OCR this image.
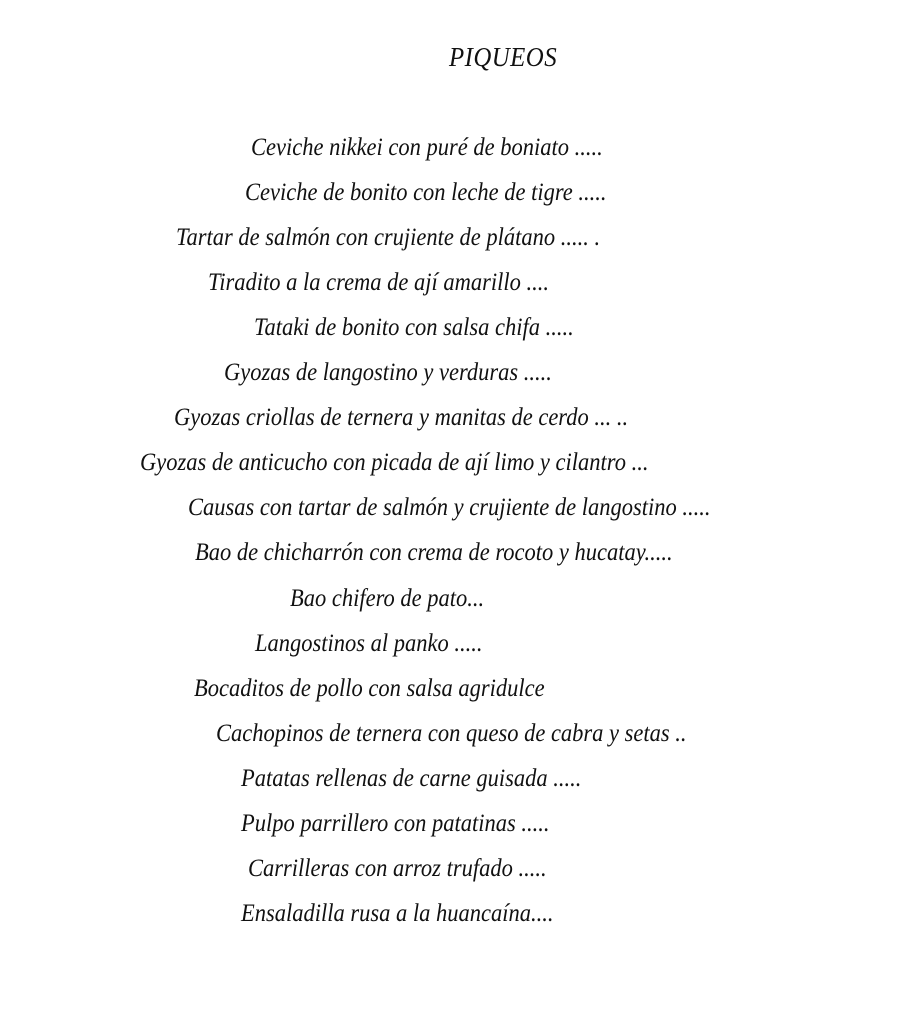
PIQUEOS
Ceviche nikkei con puré de boniato .....
Ceviche de bonito con leche de tigre .....
Tartar de salmón con crujiente de plátano ..... .
Tiradito a la crema de ají amarillo ....
Tataki de bonito con salsa chifa .....
Gyozas de langostino y verduras .....
Gyozas criollas de ternera y manitas de cerdo ... ..
Gyozas de anticucho con picada de ají limo y cilantro ...
Causas con tartar de salmón y crujiente de langostino .....
Bao de chicharrón con crema de rocoto y hucatay.....
Bao chifero de pato...
Langostinos al panko .....
Bocaditos de pollo con salsa agridulce
Cachopinos de ternera con queso de cabra y setas ..
Patatas rellenas de carne guisada .....
Pulpo parrillero con patatinas .....
Carrilleras con arroz trufado .....
Ensaladilla rusa a la huancaína....
